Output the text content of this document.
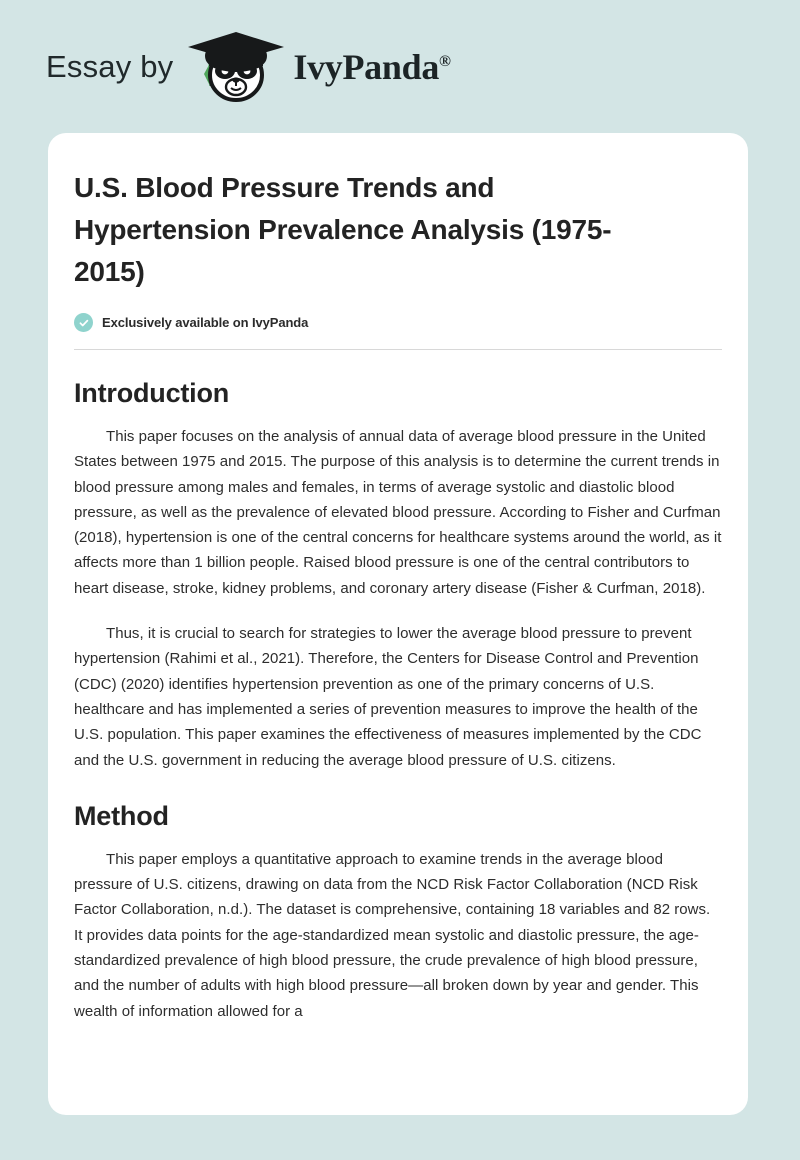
Essay by	IvyPanda®
U.S. Blood Pressure Trends and Hypertension Prevalence Analysis (1975-2015)
Exclusively available on IvyPanda
Introduction

This paper focuses on the analysis of annual data of average blood pressure in the United States between 1975 and 2015. The purpose of this analysis is to determine the current trends in blood pressure among males and females, in terms of average systolic and diastolic blood pressure, as well as the prevalence of elevated blood pressure. According to Fisher and Curfman (2018), hypertension is one of the central concerns for healthcare systems around the world, as it affects more than 1 billion people. Raised blood pressure is one of the central contributors to heart disease, stroke, kidney problems, and coronary artery disease (Fisher & Curfman, 2018).

Thus, it is crucial to search for strategies to lower the average blood pressure to prevent hypertension (Rahimi et al., 2021). Therefore, the Centers for Disease Control and Prevention (CDC) (2020) identifies hypertension prevention as one of the primary concerns of U.S. healthcare and has implemented a series of prevention measures to improve the health of the U.S. population. This paper examines the effectiveness of measures implemented by the CDC and the U.S. government in reducing the average blood pressure of U.S. citizens.

Method

This paper employs a quantitative approach to examine trends in the average blood pressure of U.S. citizens, drawing on data from the NCD Risk Factor Collaboration (NCD Risk Factor Collaboration, n.d.). The dataset is comprehensive, containing 18 variables and 82 rows. It provides data points for the age-standardized mean systolic and diastolic pressure, the age-standardized prevalence of high blood pressure, the crude prevalence of high blood pressure, and the number of adults with high blood pressure—all broken down by year and gender. This wealth of information allowed for a
